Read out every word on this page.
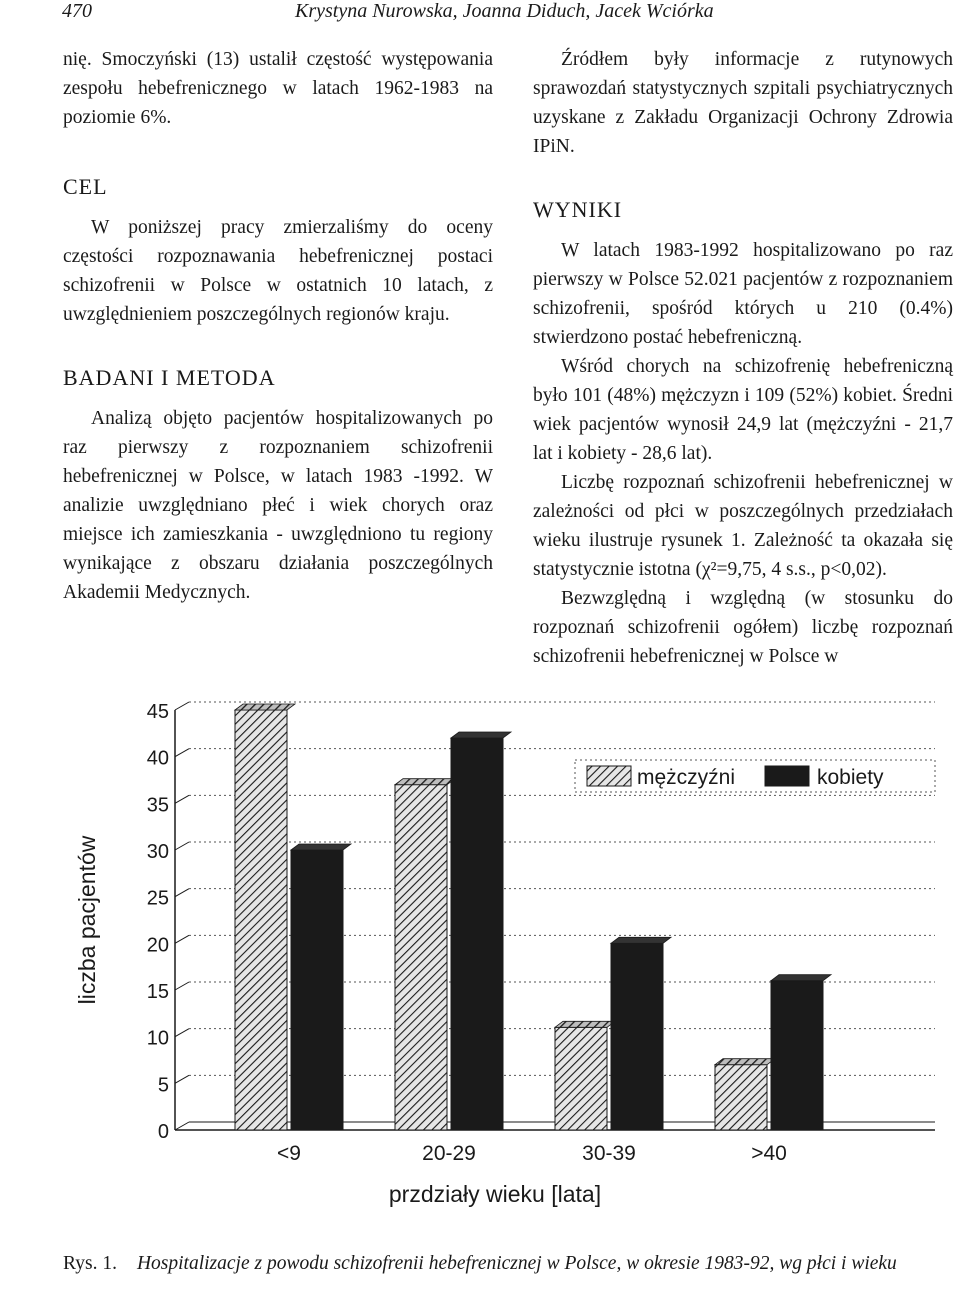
470	Krystyna Nurowska, Joanna Diduch, Jacek Wciórka

nię. Smoczyński (13) ustalił częstość występowania zespołu hebefrenicznego w latach 1962-1983 na poziomie 6%.

CEL

W poniższej pracy zmierzaliśmy do oceny częstości rozpoznawania hebefrenicznej postaci schizofrenii w Polsce w ostatnich 10 latach, z uwzględnieniem poszczególnych regionów kraju.

BADANI I METODA

Analizą objęto pacjentów hospitalizowanych po raz pierwszy z rozpoznaniem schizofrenii hebefrenicznej w Polsce, w latach 1983 -1992. W analizie uwzględniano płeć i wiek chorych oraz miejsce ich zamieszkania - uwzględniono tu regiony wynikające z obszaru działania poszczególnych Akademii Medycznych.

Źródłem były informacje z rutynowych sprawozdań statystycznych szpitali psychiatrycznych uzyskane z Zakładu Organizacji Ochrony Zdrowia IPiN.

WYNIKI

W latach 1983-1992 hospitalizowano po raz pierwszy w Polsce 52.021 pacjentów z rozpoznaniem schizofrenii, spośród których u 210 (0.4%) stwierdzono postać hebefreniczną.

Wśród chorych na schizofrenię hebefreniczną było 101 (48%) mężczyzn i 109 (52%) kobiet. Średni wiek pacjentów wynosił 24,9 lat (mężczyźni - 21,7 lat i kobiety - 28,6 lat).

Liczbę rozpoznań schizofrenii hebefrenicznej w zależności od płci w poszczególnych przedziałach wieku ilustruje rysunek 1. Zależność ta okazała się statystycznie istotna (χ²=9,75, 4 s.s., p<0,02).

Bezwzględną i względną (w stosunku do rozpoznań schizofrenii ogółem) liczbę rozpoznań schizofrenii hebefrenicznej w Polsce w

0
5
10
15
20
25
30
35
40
45
<9	20-29	30-39	>40
mężczyźni	kobiety
przdziały wieku [lata]
liczba pacjentów
Rys. 1. Hospitalizacje z powodu schizofrenii hebefrenicznej w Polsce, w okresie 1983-92, wg płci i wieku
